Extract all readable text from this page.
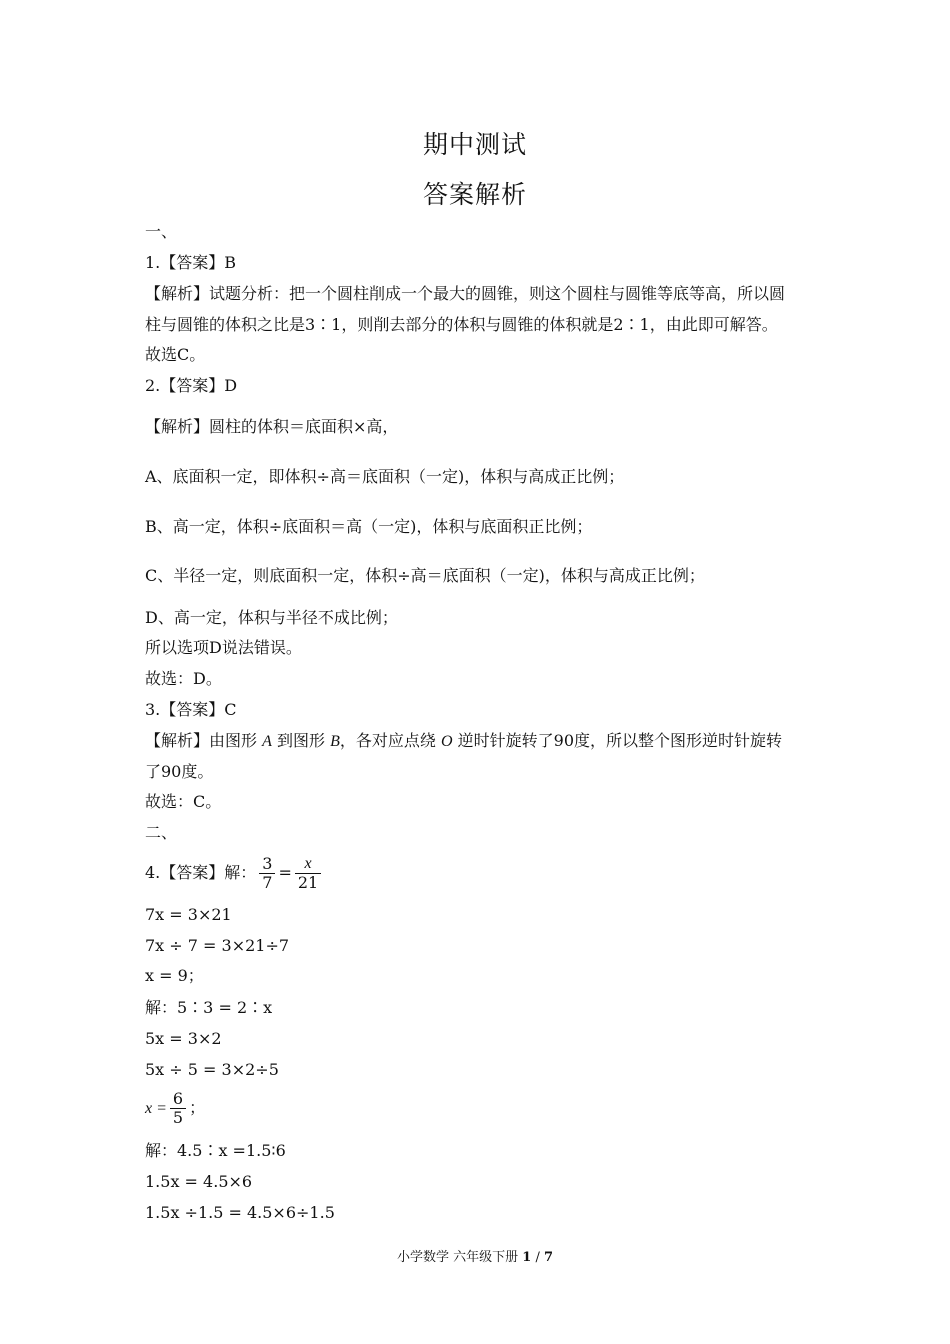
期中测试
答案解析
一、
1.【答案】B
【解析】试题分析：把一个圆柱削成一个最大的圆锥，则这个圆柱与圆锥等底等高，所以圆
柱与圆锥的体积之比是3∶1，则削去部分的体积与圆锥的体积就是2∶1，由此即可解答。
故选C。
2.【答案】D
【解析】圆柱的体积＝底面积×高，
A、底面积一定，即体积÷高＝底面积（一定)，体积与高成正比例；
B、高一定，体积÷底面积＝高（一定)，体积与底面积正比例；
C、半径一定，则底面积一定，体积÷高＝底面积（一定)，体积与高成正比例；
D、高一定，体积与半径不成比例；
所以选项D说法错误。
故选：D。
3.【答案】C
【解析】由图形 A 到图形 B，各对应点绕 O 逆时针旋转了90度，所以整个图形逆时针旋转
了90度。
故选：C。
二、
4.【答案】解： $\frac{3}{7} = \frac{x}{21}$
7x = 3×21
7x ÷ 7 = 3×21÷7
x = 9；
解：5∶3 = 2∶x
5x = 3×2
5x ÷ 5 = 3×2÷5
$x = \frac{6}{5}$ ；
解：4.5∶x =1.5∶6
1.5x = 4.5×6
1.5x ÷1.5 = 4.5×6÷1.5
小学数学 六年级下册 1 / 7
